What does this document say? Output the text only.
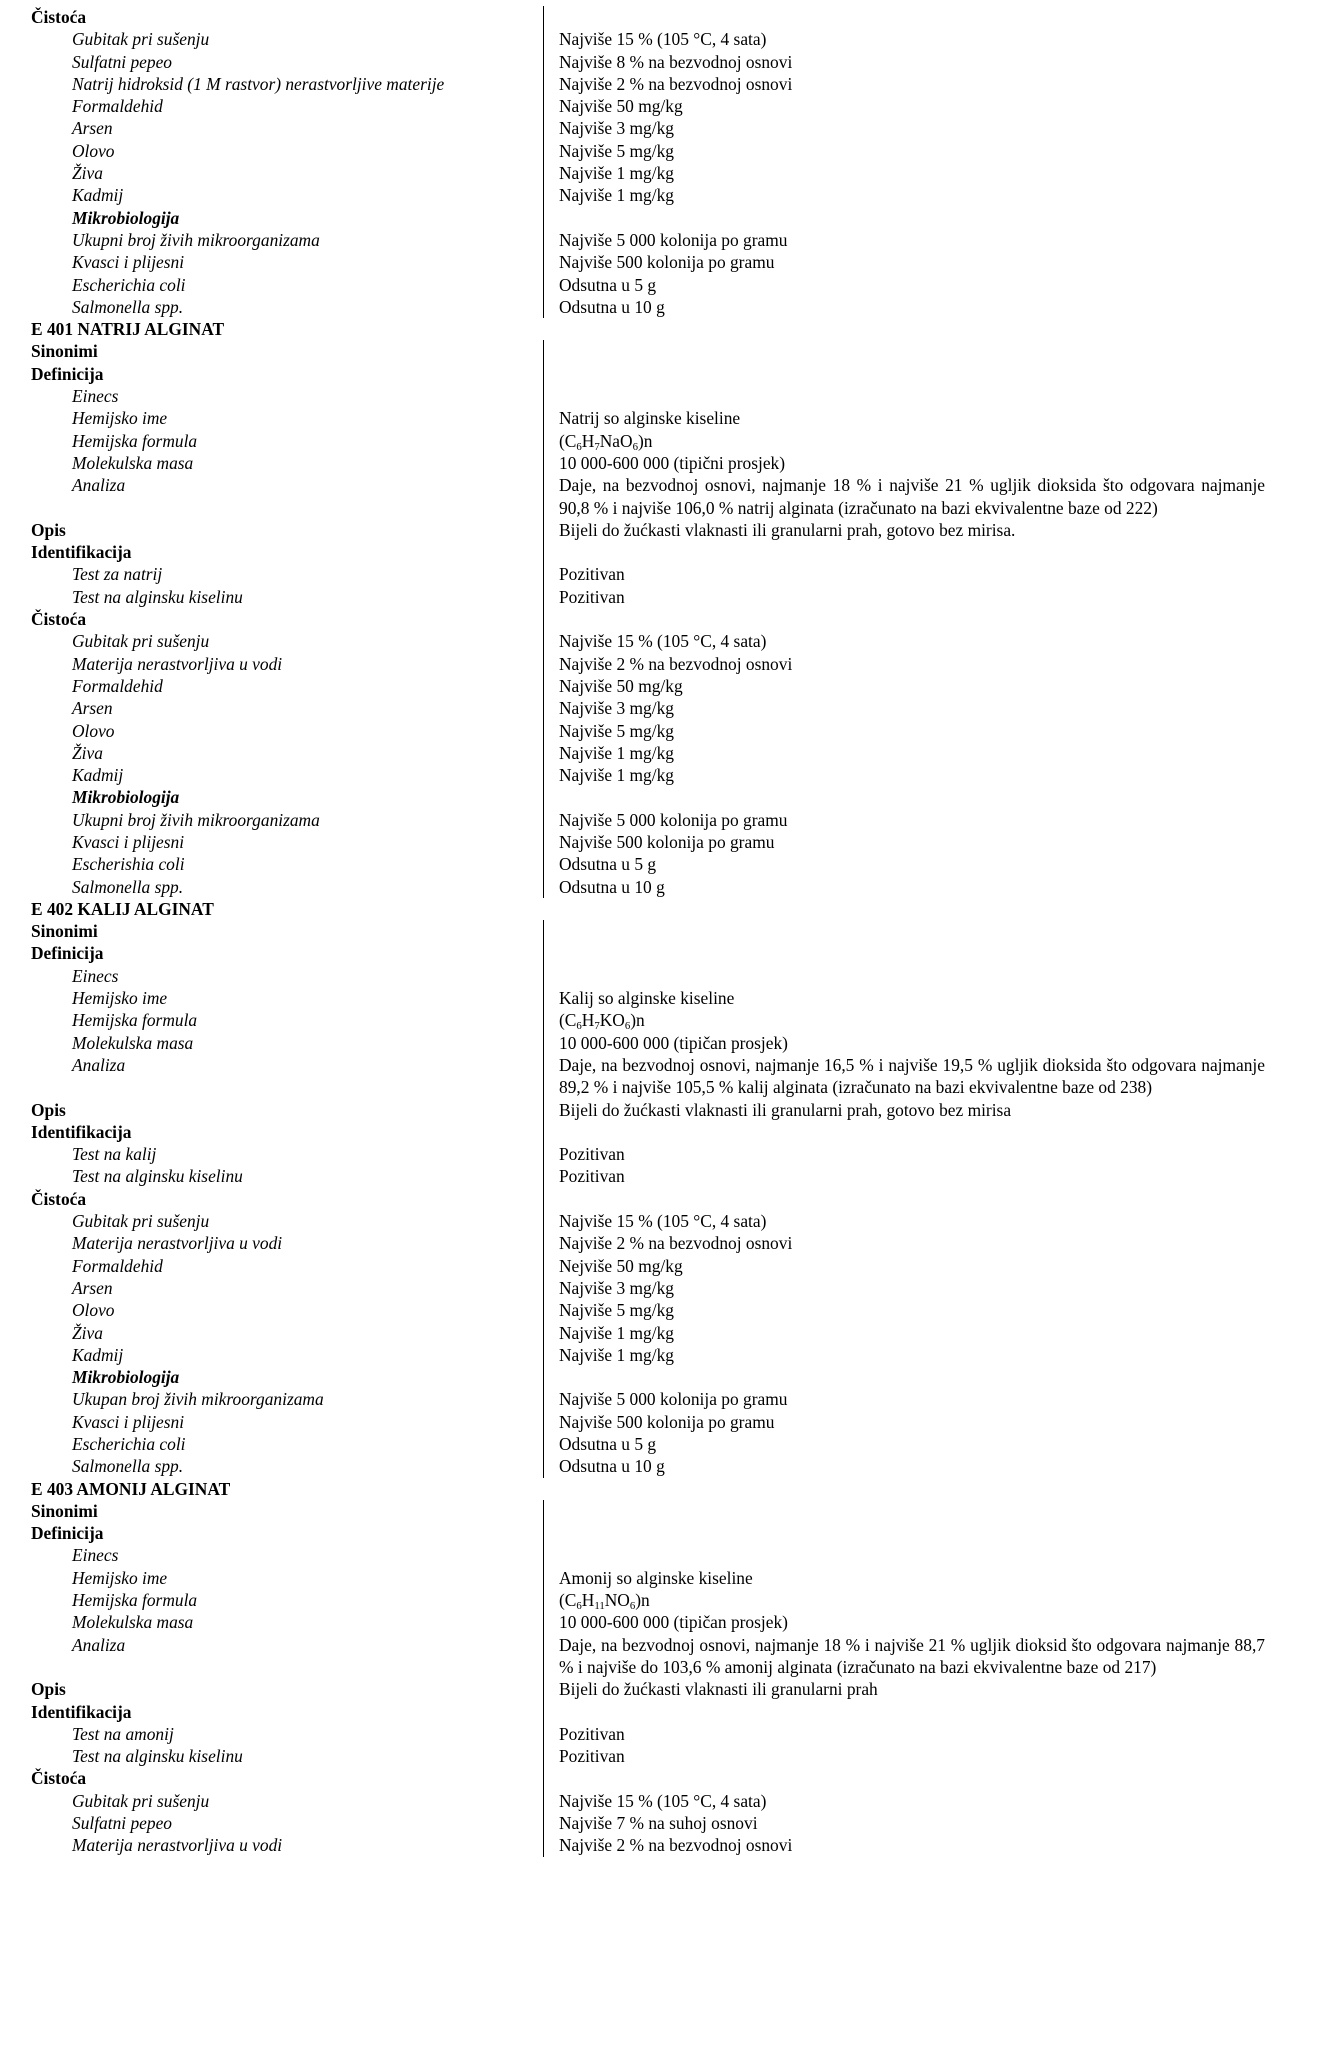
Čistoća

Gubitak pri sušenju	Najviše 15 % (105 °C, 4 sata)
Sulfatni pepeo	Najviše 8 % na bezvodnoj osnovi
Natrij hidroksid (1 M rastvor) nerastvorljive materije	Najviše 2 % na bezvodnoj osnovi
Formaldehid	Najviše 50 mg/kg
Arsen	Najviše 3 mg/kg
Olovo	Najviše 5 mg/kg
Živa	Najviše 1 mg/kg
Kadmij	Najviše 1 mg/kg
Mikrobiologija

Ukupni broj živih mikroorganizama	Najviše 5 000 kolonija po gramu
Kvasci i plijesni	Najviše 500 kolonija po gramu
Escherichia coli	Odsutna u 5 g
Salmonella spp.	Odsutna u 10 g
E 401 NATRIJ ALGINAT

Sinonimi

Definicija

Einecs

Hemijsko ime	Natrij so alginske kiseline
Hemijska formula	$(C_6H_7NaO_6)n$
Molekulska masa	10 000-600 000 (tipični prosjek)
Analiza	Daje, na bezvodnoj osnovi, najmanje 18 % i najviše 21 % ugljik dioksida što odgovara najmanje 90,8 % i najviše 106,0 % natrij alginata (izračunato na bazi ekvivalentne baze od 222)
Opis	Bijeli do žućkasti vlaknasti ili granularni prah, gotovo bez mirisa.
Identifikacija

Test za natrij	Pozitivan
Test na alginsku kiselinu	Pozitivan
Čistoća

Gubitak pri sušenju	Najviše 15 % (105 °C, 4 sata)
Materija nerastvorljiva u vodi	Najviše 2 % na bezvodnoj osnovi
Formaldehid	Najviše 50 mg/kg
Arsen	Najviše 3 mg/kg
Olovo	Najviše 5 mg/kg
Živa	Najviše 1 mg/kg
Kadmij	Najviše 1 mg/kg
Mikrobiologija

Ukupni broj živih mikroorganizama	Najviše 5 000 kolonija po gramu
Kvasci i plijesni	Najviše 500 kolonija po gramu
Escherishia coli	Odsutna u 5 g
Salmonella spp.	Odsutna u 10 g
E 402 KALIJ ALGINAT

Sinonimi

Definicija

Einecs

Hemijsko ime	Kalij so alginske kiseline
Hemijska formula	$(C_6H_7KO_6)n$
Molekulska masa	10 000-600 000 (tipičan prosjek)
Analiza	Daje, na bezvodnoj osnovi, najmanje 16,5 % i najviše 19,5 % ugljik dioksida što odgovara najmanje 89,2 % i najviše 105,5 % kalij alginata (izračunato na bazi ekvivalentne baze od 238)
Opis	Bijeli do žućkasti vlaknasti ili granularni prah, gotovo bez mirisa
Identifikacija

Test na kalij	Pozitivan
Test na alginsku kiselinu	Pozitivan
Čistoća

Gubitak pri sušenju	Najviše 15 % (105 °C, 4 sata)
Materija nerastvorljiva u vodi	Najviše 2 % na bezvodnoj osnovi
Formaldehid	Nejviše 50 mg/kg
Arsen	Najviše 3 mg/kg
Olovo	Najviše 5 mg/kg
Živa	Najviše 1 mg/kg
Kadmij	Najviše 1 mg/kg
Mikrobiologija

Ukupan broj živih mikroorganizama	Najviše 5 000 kolonija po gramu
Kvasci i plijesni	Najviše 500 kolonija po gramu
Escherichia coli	Odsutna u 5 g
Salmonella spp.	Odsutna u 10 g
E 403 AMONIJ ALGINAT

Sinonimi

Definicija

Einecs

Hemijsko ime	Amonij so alginske kiseline
Hemijska formula	$(C_6H_{11}NO_6)n$
Molekulska masa	10 000-600 000 (tipičan prosjek)
Analiza	Daje, na bezvodnoj osnovi, najmanje 18 % i najviše 21 % ugljik dioksid što odgovara najmanje 88,7 % i najviše do 103,6 % amonij alginata (izračunato na bazi ekvivalentne baze od 217)
Opis	Bijeli do žućkasti vlaknasti ili granularni prah
Identifikacija

Test na amonij	Pozitivan
Test na alginsku kiselinu	Pozitivan
Čistoća

Gubitak pri sušenju	Najviše 15 % (105 °C, 4 sata)
Sulfatni pepeo	Najviše 7 % na suhoj osnovi
Materija nerastvorljiva u vodi	Najviše 2 % na bezvodnoj osnovi
